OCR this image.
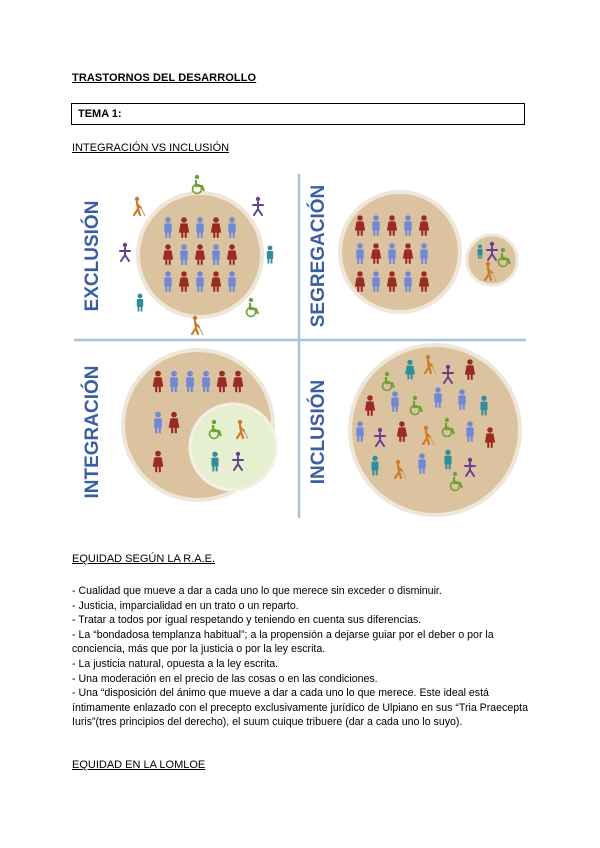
TRASTORNOS DEL DESARROLLO
TEMA 1:
INTEGRACIÓN VS INCLUSIÓN
EXCLUSIÓN	SEGREGACIÓN
INTEGRACIÓN	INCLUSIÓN
EQUIDAD SEGÚN LA R.A.E.

- Cualidad que mueve a dar a cada uno lo que merece sin exceder o disminuir.

- Justicia, imparcialidad en un trato o un reparto.

- Tratar a todos por igual respetando y teniendo en cuenta sus diferencias.

- La “bondadosa templanza habitual”; a la propensión a dejarse guiar por el deber o por la conciencia, más que por la justicia o por la ley escrita.

- La justicia natural, opuesta a la ley escrita.

- Una moderación en el precio de las cosas o en las condiciones.

- Una “disposición del ánimo que mueve a dar a cada uno lo que merece. Este ideal está íntimamente enlazado con el precepto exclusivamente jurídico de Ulpiano en sus “Tria Praecepta Iuris”(tres principios del derecho), el suum cuique tribuere (dar a cada uno lo suyo).

EQUIDAD EN LA LOMLOE
